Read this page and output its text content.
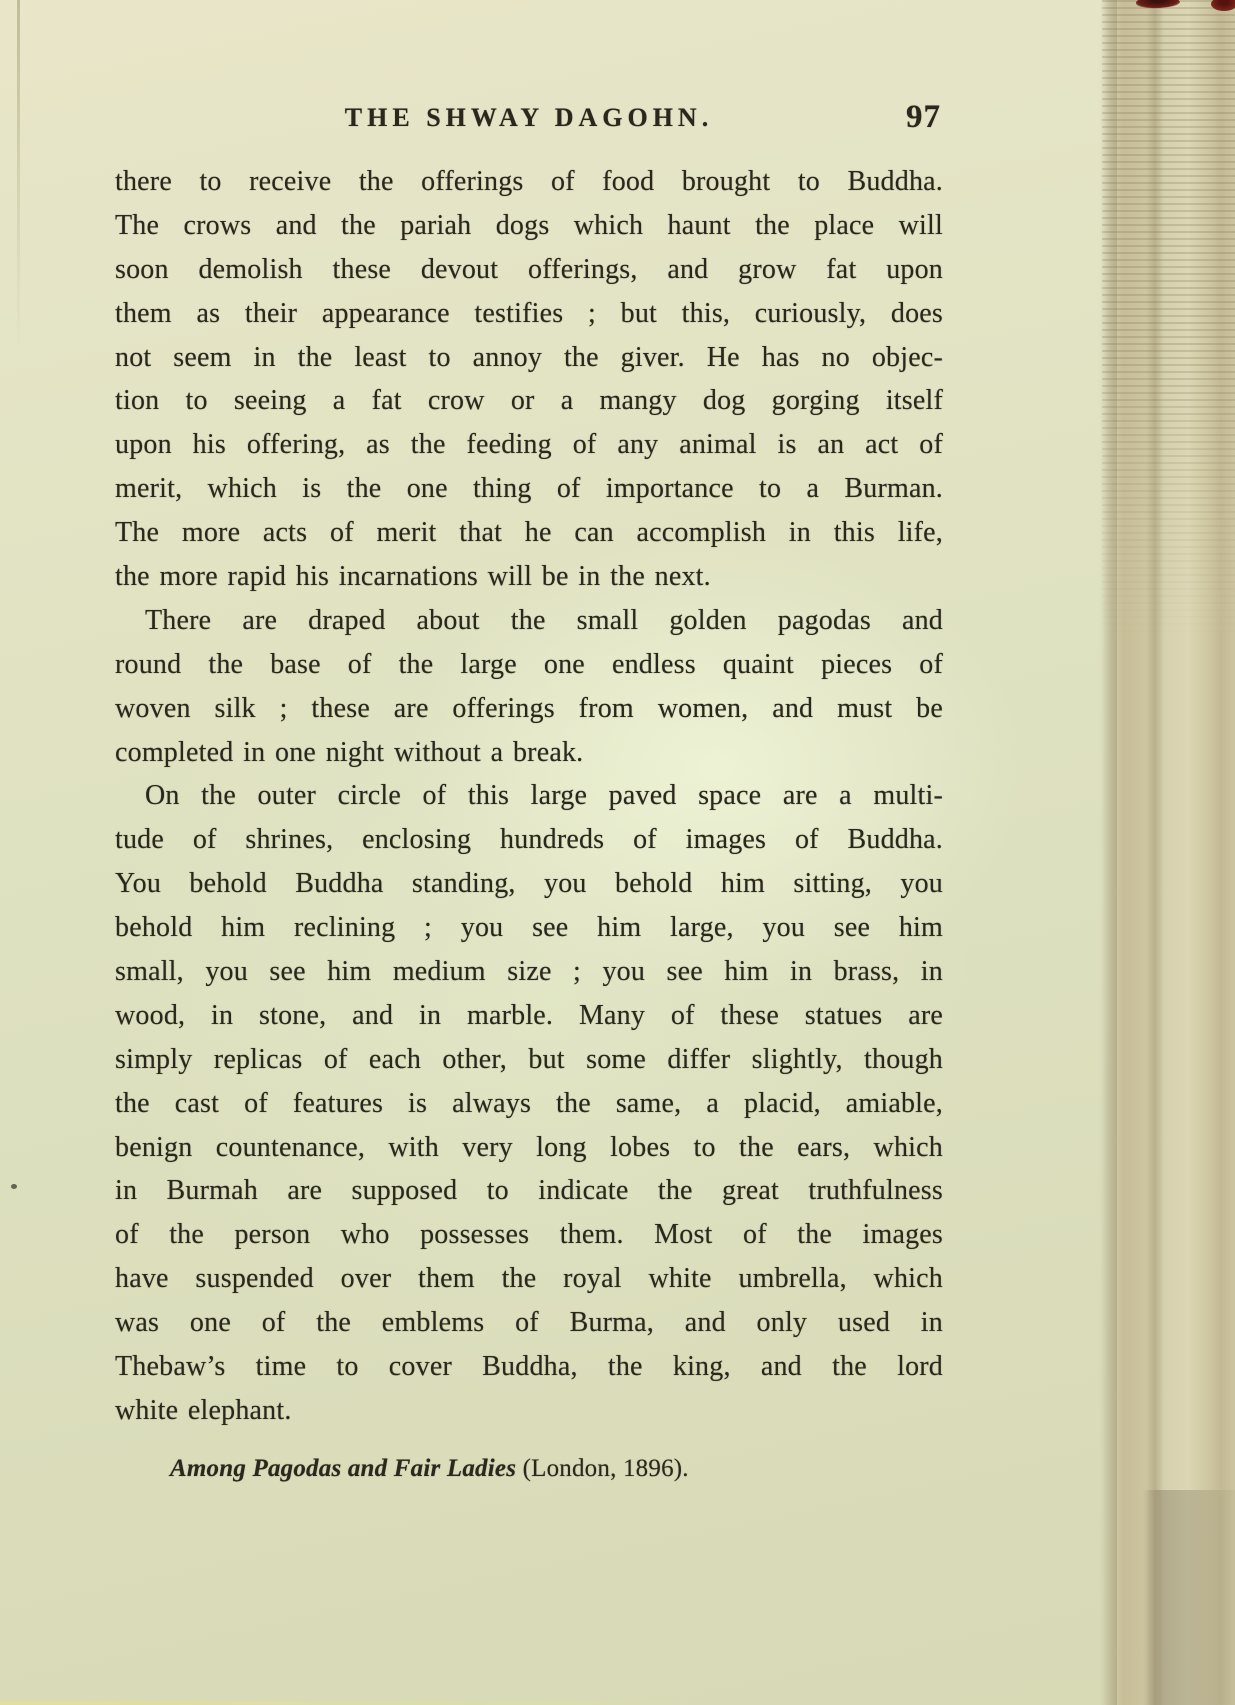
THE SHWAY DAGOHN.	97
there to receive the offerings of food brought to Buddha.
The crows and the pariah dogs which haunt the place will
soon demolish these devout offerings, and grow fat upon
them as their appearance testifies ; but this, curiously, does
not seem in the least to annoy the giver. He has no objec-
tion to seeing a fat crow or a mangy dog gorging itself
upon his offering, as the feeding of any animal is an act of
merit, which is the one thing of importance to a Burman.
The more acts of merit that he can accomplish in this life,
the more rapid his incarnations will be in the next.
There are draped about the small golden pagodas and
round the base of the large one endless quaint pieces of
woven silk ; these are offerings from women, and must be
completed in one night without a break.
On the outer circle of this large paved space are a multi-
tude of shrines, enclosing hundreds of images of Buddha.
You behold Buddha standing, you behold him sitting, you
behold him reclining ; you see him large, you see him
small, you see him medium size ; you see him in brass, in
wood, in stone, and in marble. Many of these statues are
simply replicas of each other, but some differ slightly, though
the cast of features is always the same, a placid, amiable,
benign countenance, with very long lobes to the ears, which
in Burmah are supposed to indicate the great truthfulness
of the person who possesses them. Most of the images
have suspended over them the royal white umbrella, which
was one of the emblems of Burma, and only used in
Thebaw’s time to cover Buddha, the king, and the lord
white elephant.
Among Pagodas and Fair Ladies (London, 1896).
